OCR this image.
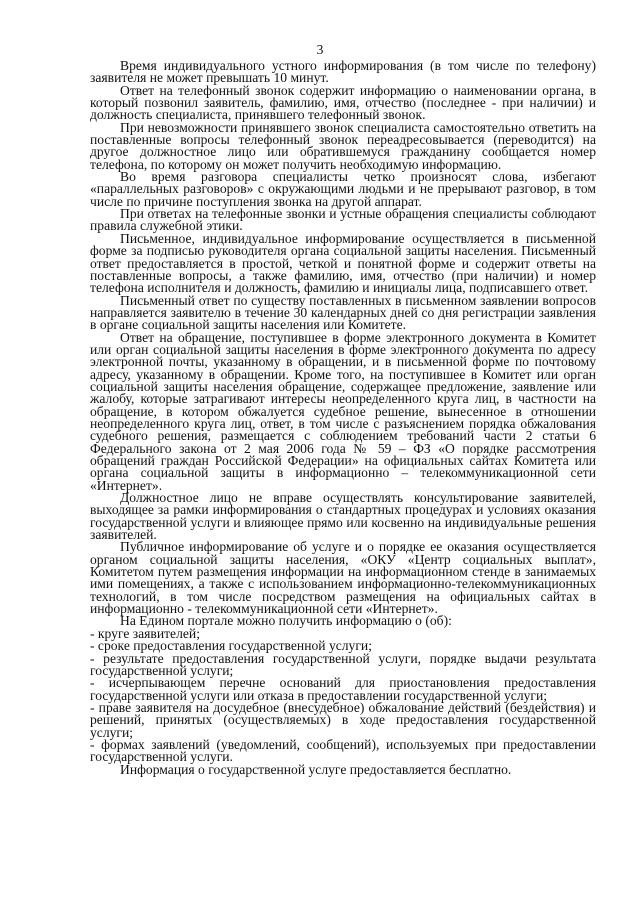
3

Время индивидуального устного информирования (в том числе по телефону) заявителя не может превышать 10 минут.

Ответ на телефонный звонок содержит информацию о наименовании органа, в который позвонил заявитель, фамилию, имя, отчество (последнее - при наличии) и должность специалиста, принявшего телефонный звонок.

При невозможности принявшего звонок специалиста самостоятельно ответить на поставленные вопросы телефонный звонок переадресовывается (переводится) на другое должностное лицо или обратившемуся гражданину сообщается номер телефона, по которому он может получить необходимую информацию.

Во время разговора специалисты четко произносят слова, избегают «параллельных разговоров» с окружающими людьми и не прерывают разговор, в том числе по причине поступления звонка на другой аппарат.

При ответах на телефонные звонки и устные обращения специалисты соблюдают правила служебной этики.

Письменное, индивидуальное информирование осуществляется в письменной форме за подписью руководителя органа социальной защиты населения. Письменный ответ предоставляется в простой, четкой и понятной форме и содержит ответы на поставленные вопросы, а также фамилию, имя, отчество (при наличии) и номер телефона исполнителя и должность, фамилию и инициалы лица, подписавшего ответ.

Письменный ответ по существу поставленных в письменном заявлении вопросов направляется заявителю в течение 30 календарных дней со дня регистрации заявления в органе социальной защиты населения или Комитете.

Ответ на обращение, поступившее в форме электронного документа в Комитет или орган социальной защиты населения в форме электронного документа по адресу электронной почты, указанному в обращении, и в письменной форме по почтовому адресу, указанному в обращении. Кроме того, на поступившее в Комитет или орган социальной защиты населения обращение, содержащее предложение, заявление или жалобу, которые затрагивают интересы неопределенного круга лиц, в частности на обращение, в котором обжалуется судебное решение, вынесенное в отношении неопределенного круга лиц, ответ, в том числе с разъяснением порядка обжалования судебного решения, размещается с соблюдением требований части 2 статьи 6 Федерального закона от 2 мая 2006 года № 59 – ФЗ «О порядке рассмотрения обращений граждан Российской Федерации» на официальных сайтах Комитета или органа социальной защиты в информационно – телекоммуникационной сети «Интернет».

Должностное лицо не вправе осуществлять консультирование заявителей, выходящее за рамки информирования о стандартных процедурах и условиях оказания государственной услуги и влияющее прямо или косвенно на индивидуальные решения заявителей.

Публичное информирование об услуге и о порядке ее оказания осуществляется органом социальной защиты населения, «ОКУ «Центр социальных выплат», Комитетом путем размещения информации на информационном стенде в занимаемых ими помещениях, а также с использованием информационно-телекоммуникационных технологий, в том числе посредством размещения на официальных сайтах в информационно - телекоммуникационной сети «Интернет».

На Едином портале можно получить информацию о (об):

- круге заявителей;

- сроке предоставления государственной услуги;

- результате предоставления государственной услуги, порядке выдачи результата государственной услуги;

- исчерпывающем перечне оснований для приостановления предоставления государственной услуги или отказа в предоставлении государственной услуги;

- праве заявителя на досудебное (внесудебное) обжалование действий (бездействия) и решений, принятых (осуществляемых) в ходе предоставления государственной услуги;

- формах заявлений (уведомлений, сообщений), используемых при предоставлении государственной услуги.

Информация о государственной услуге предоставляется бесплатно.
